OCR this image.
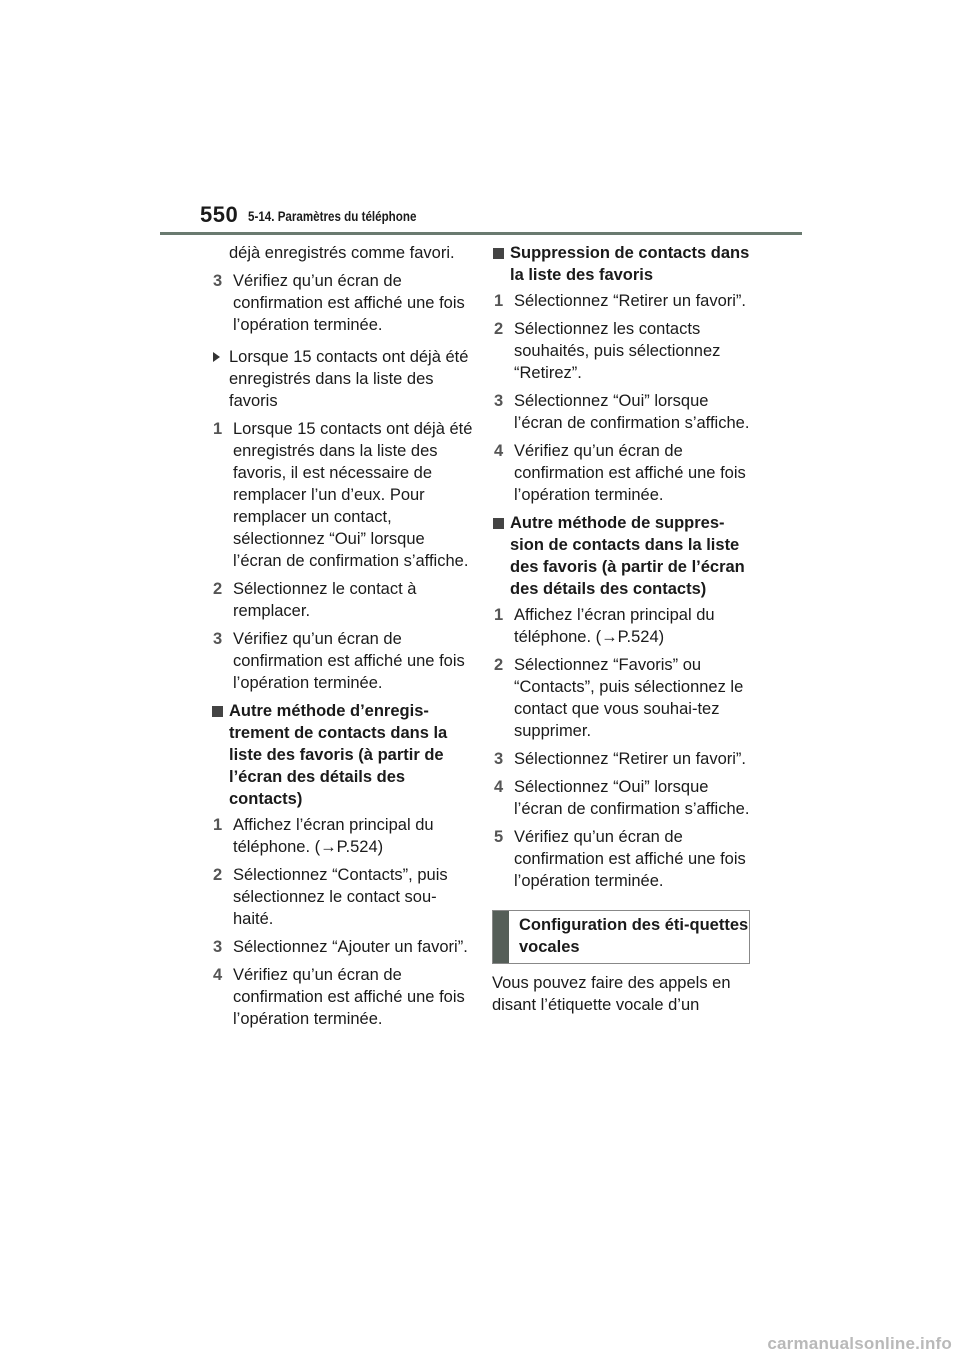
550 5-14. Paramètres du téléphone
déjà enregistrés comme favori.
3 Vérifiez qu’un écran de confirmation est affiché une fois l’opération terminée.
Lorsque 15 contacts ont déjà été enregistrés dans la liste des favoris
1 Lorsque 15 contacts ont déjà été enregistrés dans la liste des favoris, il est nécessaire de remplacer l’un d’eux. Pour remplacer un contact, sélectionnez “Oui” lorsque l’écran de confirmation s’affiche.
2 Sélectionnez le contact à remplacer.
3 Vérifiez qu’un écran de confirmation est affiché une fois l’opération terminée.
Autre méthode d’enregis-trement de contacts dans la liste des favoris (à partir de l’écran des détails des contacts)
1 Affichez l’écran principal du téléphone. (→P.524)
2 Sélectionnez “Contacts”, puis sélectionnez le contact sou-haité.
3 Sélectionnez “Ajouter un favori”.
4 Vérifiez qu’un écran de confirmation est affiché une fois l’opération terminée.
Suppression de contacts dans la liste des favoris
1 Sélectionnez “Retirer un favori”.
2 Sélectionnez les contacts souhaités, puis sélectionnez “Retirez”.
3 Sélectionnez “Oui” lorsque l’écran de confirmation s’affiche.
4 Vérifiez qu’un écran de confirmation est affiché une fois l’opération terminée.
Autre méthode de suppres-sion de contacts dans la liste des favoris (à partir de l’écran des détails des contacts)
1 Affichez l’écran principal du téléphone. (→P.524)
2 Sélectionnez “Favoris” ou “Contacts”, puis sélectionnez le contact que vous souhai-tez supprimer.
3 Sélectionnez “Retirer un favori”.
4 Sélectionnez “Oui” lorsque l’écran de confirmation s’affiche.
5 Vérifiez qu’un écran de confirmation est affiché une fois l’opération terminée.
Configuration des éti-quettes vocales
Vous pouvez faire des appels en disant l’étiquette vocale d’un
carmanualsonline.info
